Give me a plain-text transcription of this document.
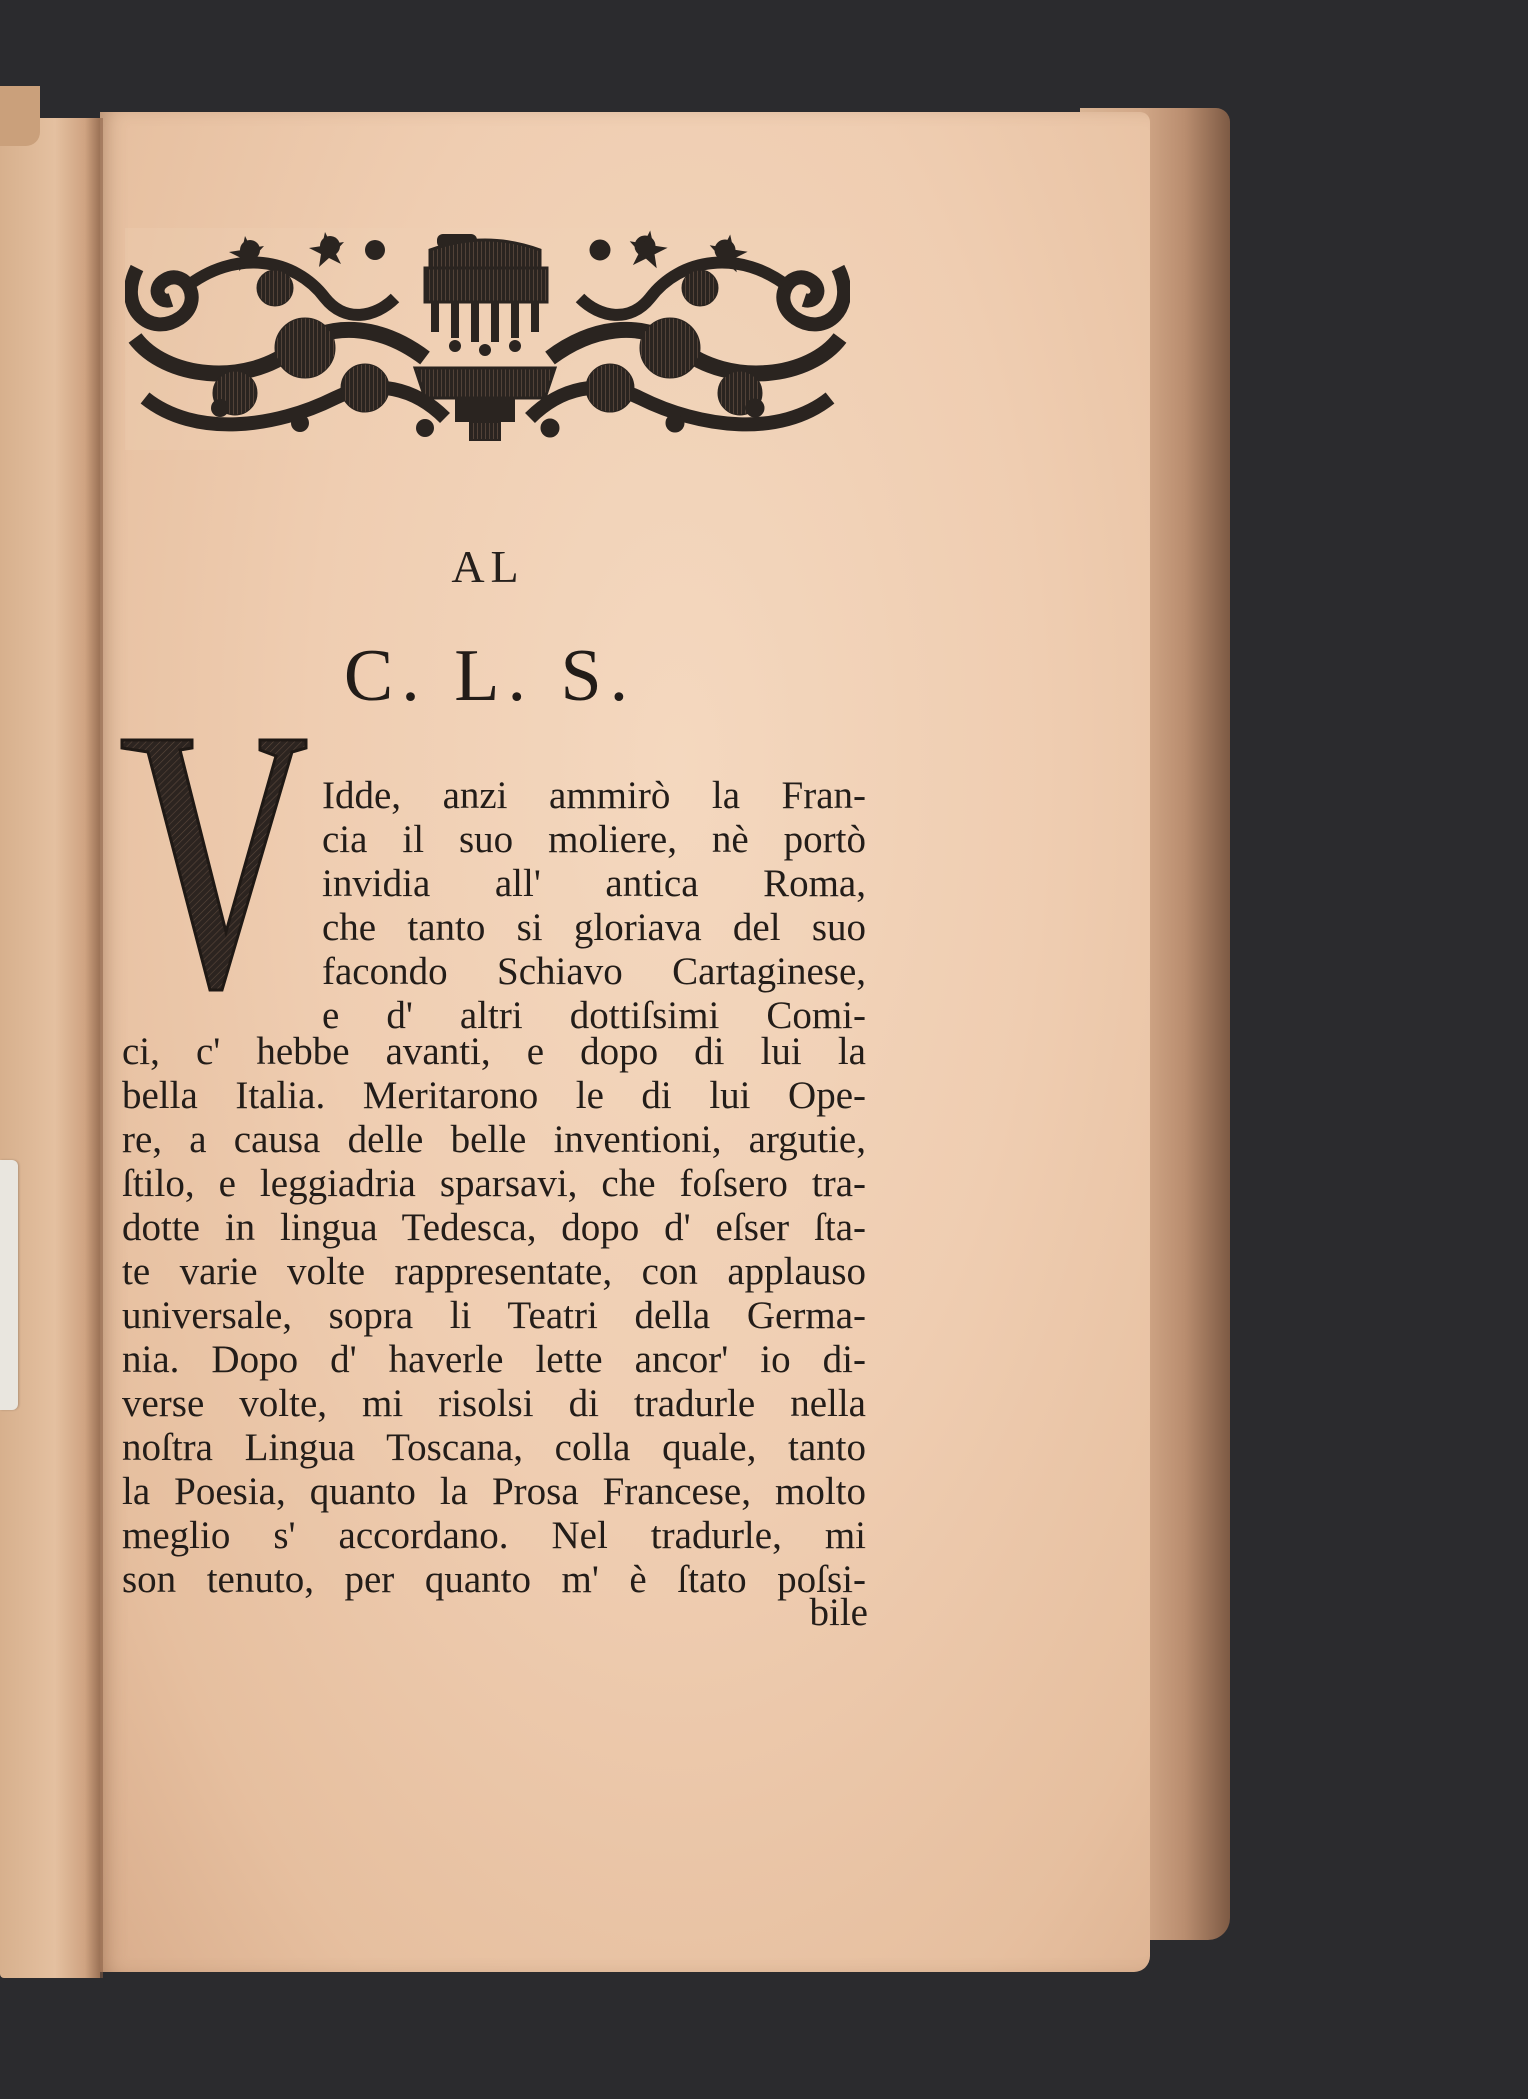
AL
C. L. S.
Idde, anzi ammirò la Fran-
cia il suo moliere, nè portò
invidia all' antica Roma,
che tanto si gloriava del suo
facondo Schiavo Cartaginese,
e d' altri dottiſsimi Comi-
ci, c' hebbe avanti, e dopo di lui la
bella Italia. Meritarono le di lui Ope-
re, a causa delle belle inventioni, argutie,
ſtilo, e leggiadria sparsavi, che foſsero tra-
dotte in lingua Tedesca, dopo d' eſser ſta-
te varie volte rappresentate, con applauso
universale, sopra li Teatri della Germa-
nia. Dopo d' haverle lette ancor' io di-
verse volte, mi risolsi di tradurle nella
noſtra Lingua Toscana, colla quale, tanto
la Poesia, quanto la Prosa Francese, molto
meglio s' accordano. Nel tradurle, mi
son tenuto, per quanto m' è ſtato poſsi-
bile
